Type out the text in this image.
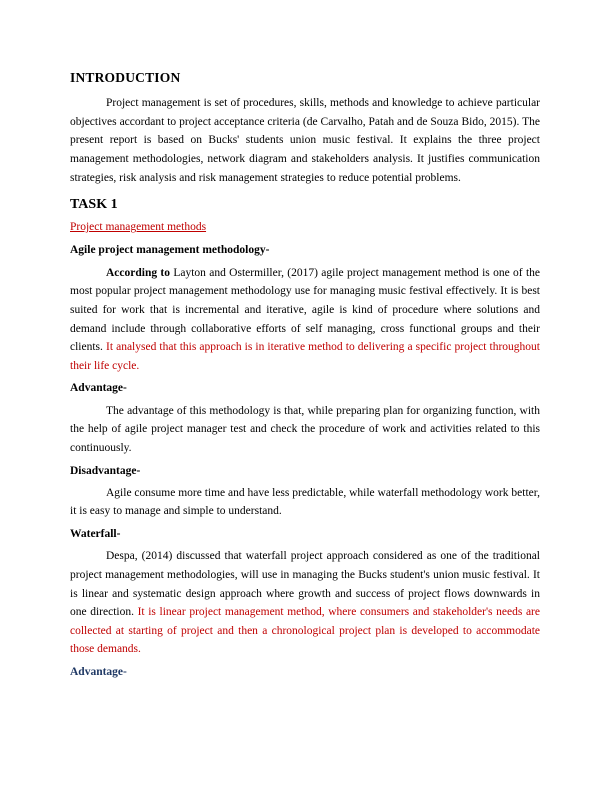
INTRODUCTION

Project management is set of procedures, skills, methods and knowledge to achieve particular objectives accordant to project acceptance criteria (de Carvalho, Patah and de Souza Bido, 2015). The present report is based on Bucks' students union music festival. It explains the three project management methodologies, network diagram and stakeholders analysis. It justifies communication strategies, risk analysis and risk management strategies to reduce potential problems.

TASK 1
Project management methods
Agile project management methodology-

According to Layton and Ostermiller, (2017) agile project management method is one of the most popular project management methodology use for managing music festival effectively. It is best suited for work that is incremental and iterative, agile is kind of procedure where solutions and demand include through collaborative efforts of self managing, cross functional groups and their clients. It analysed that this approach is in iterative method to delivering a specific project throughout their life cycle.

Advantage-

The advantage of this methodology is that, while preparing plan for organizing function, with the help of agile project manager test and check the procedure of work and activities related to this continuously.

Disadvantage-

Agile consume more time and have less predictable, while waterfall methodology work better, it is easy to manage and simple to understand.

Waterfall-

Despa, (2014) discussed that waterfall project approach considered as one of the traditional project management methodologies, will use in managing the Bucks student's union music festival. It is linear and systematic design approach where growth and success of project flows downwards in one direction. It is linear project management method, where consumers and stakeholder's needs are collected at starting of project and then a chronological project plan is developed to accommodate those demands.

Advantage-
